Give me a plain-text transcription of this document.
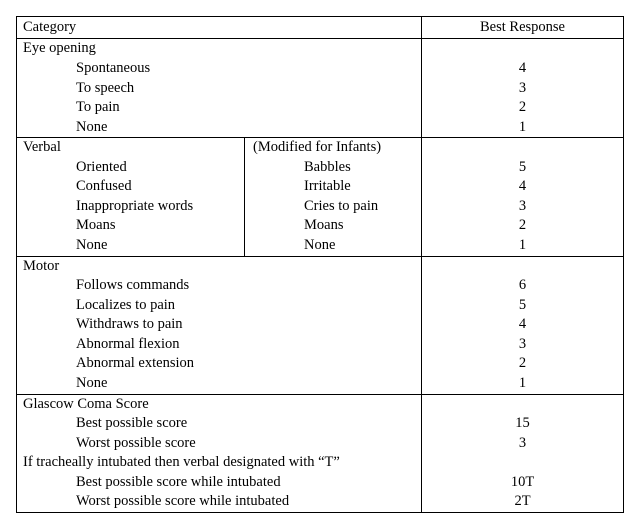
Category	Best Response
Eye opening
Spontaneous	4
To speech	3
To pain	2
None	1
Verbal	(Modified for Infants)
Oriented	Babbles	5
Confused	Irritable	4
Inappropriate words	Cries to pain	3
Moans	Moans	2
None	None	1
Motor
Follows commands	6
Localizes to pain	5
Withdraws to pain	4
Abnormal flexion	3
Abnormal extension	2
None	1
Glascow Coma Score
Best possible score	15
Worst possible score	3
If tracheally intubated then verbal designated with “T”
Best possible score while intubated	10T
Worst possible score while intubated	2T
